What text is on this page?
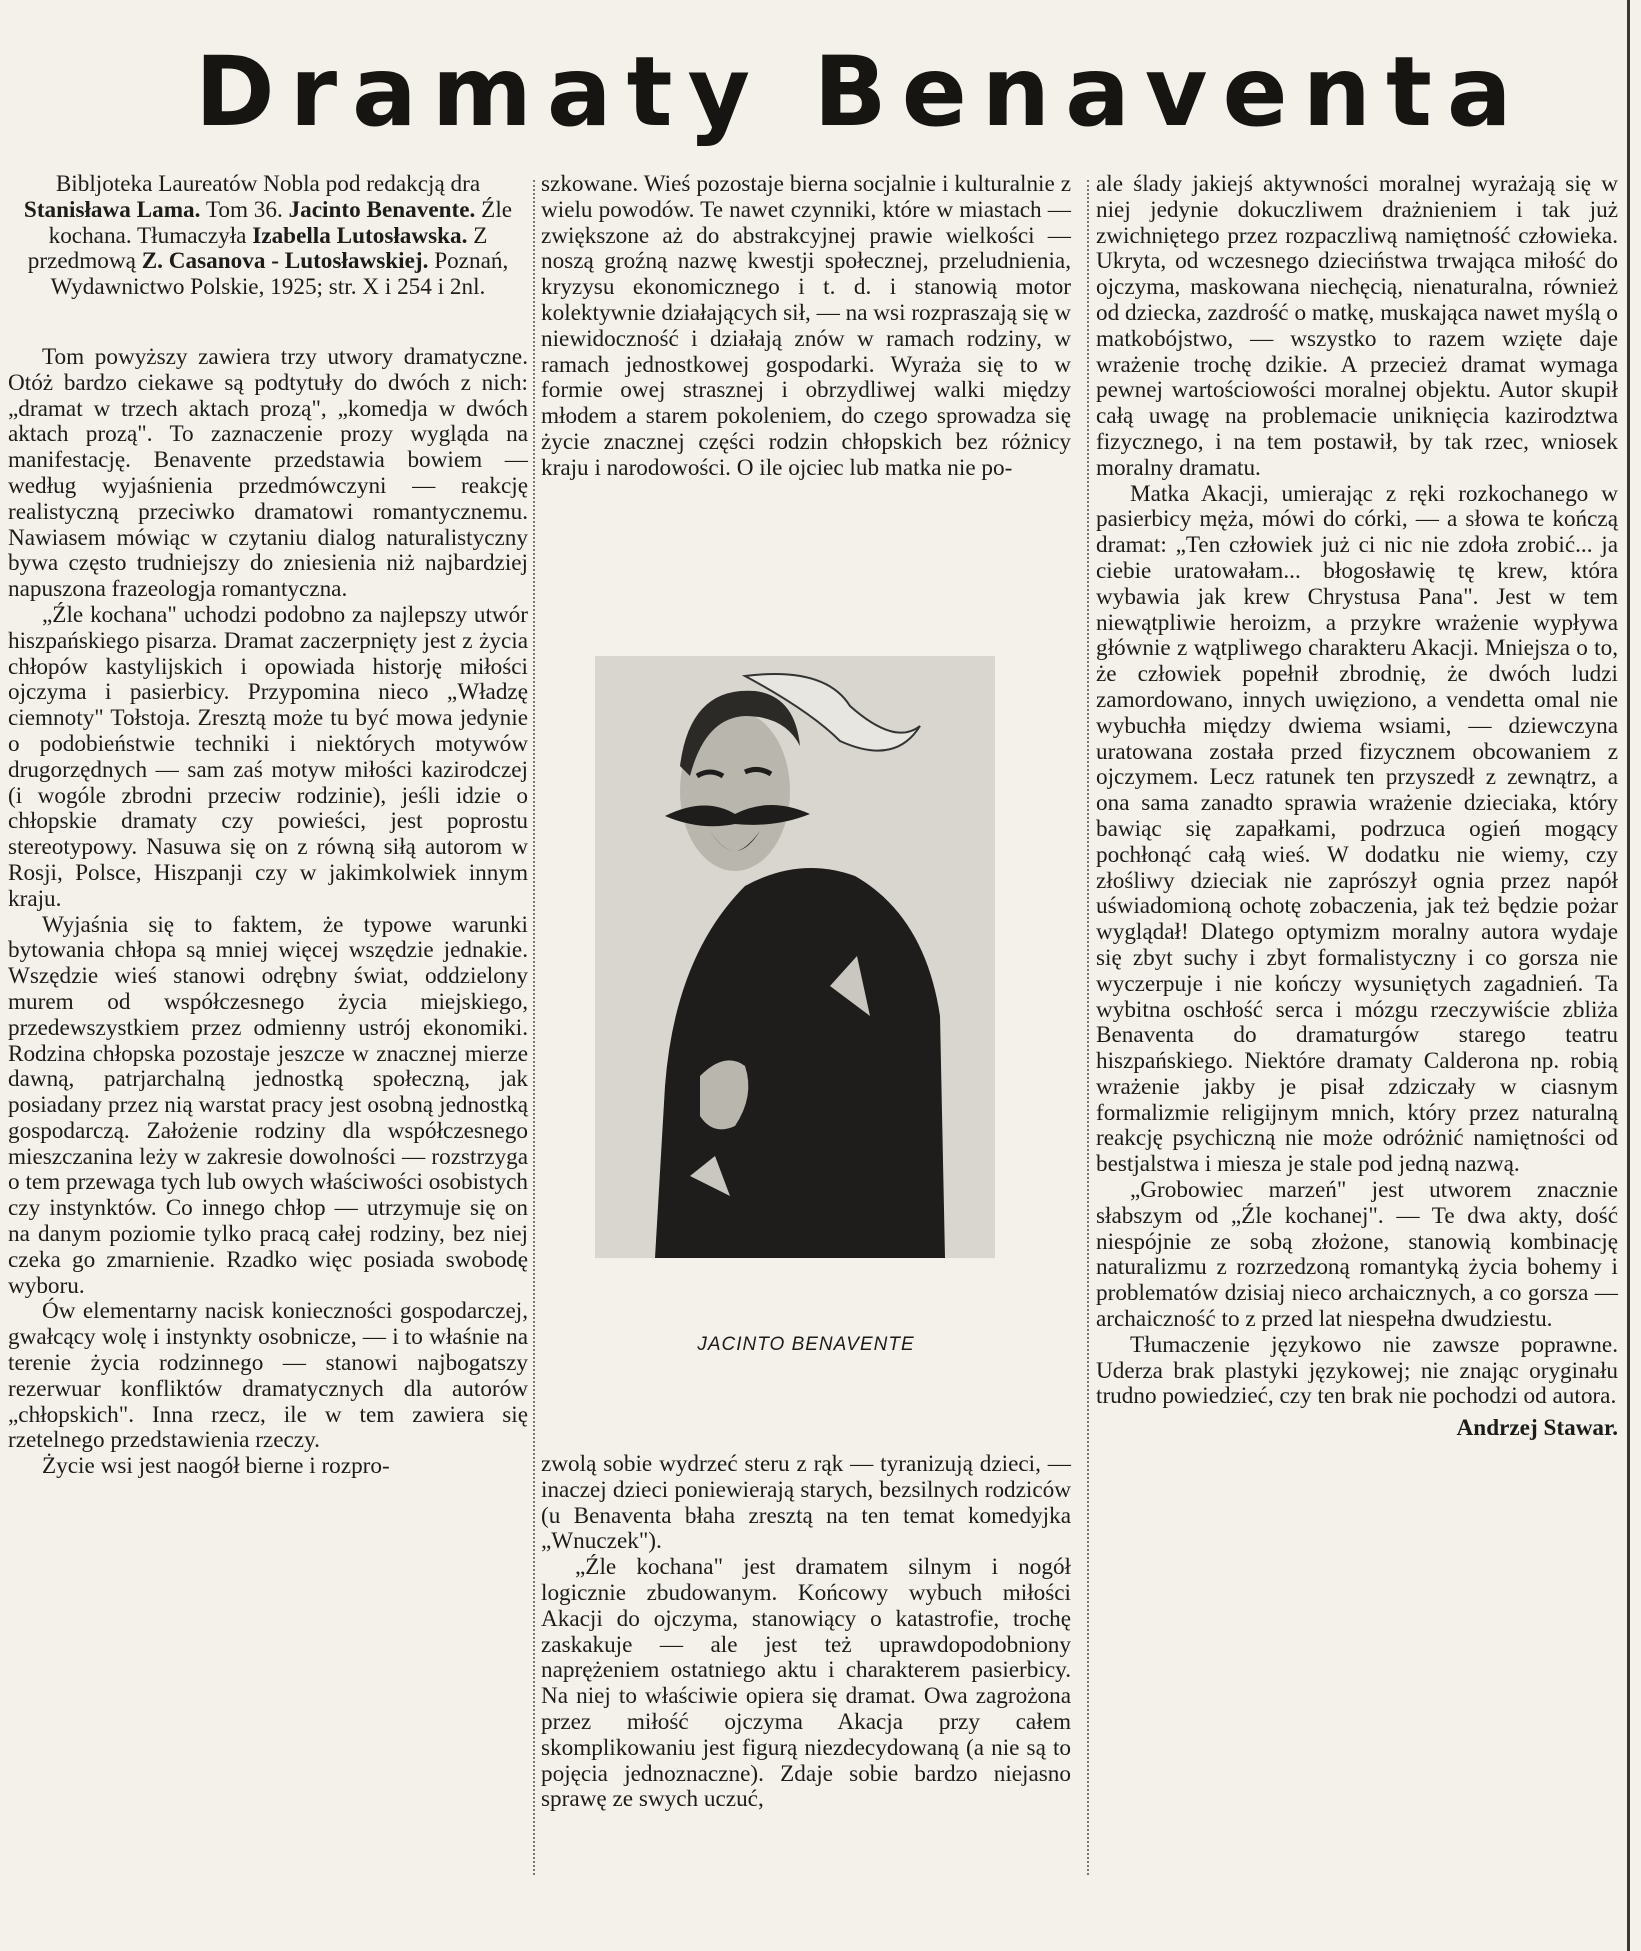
Dramaty Benaventa

Bibljoteka Laureatów Nobla pod redakcją dra Stanisława Lama. Tom 36. Jacinto Benavente. Źle kochana. Tłumaczyła Izabella Lutosławska. Z przedmową Z. Casanova - Lutosławskiej. Poznań, Wydawnictwo Polskie, 1925; str. X i 254 i 2nl.

Tom powyższy zawiera trzy utwory dramatyczne. Otóż bardzo ciekawe są podtytuły do dwóch z nich: „dramat w trzech aktach prozą", „komedja w dwóch aktach prozą". To zaznaczenie prozy wygląda na manifestację. Benavente przedstawia bowiem — według wyjaśnienia przedmówczyni — reakcję realistyczną przeciwko dramatowi romantycznemu. Nawiasem mówiąc w czytaniu dialog naturalistyczny bywa często trudniejszy do zniesienia niż najbardziej napuszona frazeologja romantyczna.

„Źle kochana" uchodzi podobno za najlepszy utwór hiszpańskiego pisarza. Dramat zaczerpnięty jest z życia chłopów kastylijskich i opowiada historję miłości ojczyma i pasierbicy. Przypomina nieco „Władzę ciemnoty" Tołstoja. Zresztą może tu być mowa jedynie o podobieństwie techniki i niektórych motywów drugorzędnych — sam zaś motyw miłości kazirodczej (i wogóle zbrodni przeciw rodzinie), jeśli idzie o chłopskie dramaty czy powieści, jest poprostu stereotypowy. Nasuwa się on z równą siłą autorom w Rosji, Polsce, Hiszpanji czy w jakimkolwiek innym kraju.

Wyjaśnia się to faktem, że typowe warunki bytowania chłopa są mniej więcej wszędzie jednakie. Wszędzie wieś stanowi odrębny świat, oddzielony murem od współczesnego życia miejskiego, przedewszystkiem przez odmienny ustrój ekonomiki. Rodzina chłopska pozostaje jeszcze w znacznej mierze dawną, patrjarchalną jednostką społeczną, jak posiadany przez nią warstat pracy jest osobną jednostką gospodarczą. Założenie rodziny dla współczesnego mieszczanina leży w zakresie dowolności — rozstrzyga o tem przewaga tych lub owych właściwości osobistych czy instynktów. Co innego chłop — utrzymuje się on na danym poziomie tylko pracą całej rodziny, bez niej czeka go zmarnienie. Rzadko więc posiada swobodę wyboru.

Ów elementarny nacisk konieczności gospodarczej, gwałcący wolę i instynkty osobnicze, — i to właśnie na terenie życia rodzinnego — stanowi najbogatszy rezerwuar konfliktów dramatycznych dla autorów „chłopskich". Inna rzecz, ile w tem zawiera się rzetelnego przedstawienia rzeczy.

Życie wsi jest naogół bierne i rozpro-

szkowane. Wieś pozostaje bierna socjalnie i kulturalnie z wielu powodów. Te nawet czynniki, które w miastach — zwiększone aż do abstrakcyjnej prawie wielkości — noszą groźną nazwę kwestji społecznej, przeludnienia, kryzysu ekonomicznego i t. d. i stanowią motor kolektywnie działających sił, — na wsi rozpraszają się w niewidoczność i działają znów w ramach rodziny, w ramach jednostkowej gospodarki. Wyraża się to w formie owej strasznej i obrzydliwej walki między młodem a starem pokoleniem, do czego sprowadza się życie znacznej części rodzin chłopskich bez różnicy kraju i narodowości. O ile ojciec lub matka nie po-

JACINTO BENAVENTE

zwolą sobie wydrzeć steru z rąk — tyranizują dzieci, — inaczej dzieci poniewierają starych, bezsilnych rodziców (u Benaventa błaha zresztą na ten temat komedyjka „Wnuczek").

„Źle kochana" jest dramatem silnym i nogół logicznie zbudowanym. Końcowy wybuch miłości Akacji do ojczyma, stanowiący o katastrofie, trochę zaskakuje — ale jest też uprawdopodobniony naprężeniem ostatniego aktu i charakterem pasierbicy. Na niej to właściwie opiera się dramat. Owa zagrożona przez miłość ojczyma Akacja przy całem skomplikowaniu jest figurą niezdecydowaną (a nie są to pojęcia jednoznaczne). Zdaje sobie bardzo niejasno sprawę ze swych uczuć,

ale ślady jakiejś aktywności moralnej wyrażają się w niej jedynie dokuczliwem drażnieniem i tak już zwichniętego przez rozpaczliwą namiętność człowieka. Ukryta, od wczesnego dzieciństwa trwająca miłość do ojczyma, maskowana niechęcią, nienaturalna, również od dziecka, zazdrość o matkę, muskająca nawet myślą o matkobójstwo, — wszystko to razem wzięte daje wrażenie trochę dzikie. A przecież dramat wymaga pewnej wartościowości moralnej objektu. Autor skupił całą uwagę na problemacie uniknięcia kazirodztwa fizycznego, i na tem postawił, by tak rzec, wniosek moralny dramatu.

Matka Akacji, umierając z ręki rozkochanego w pasierbicy męża, mówi do córki, — a słowa te kończą dramat: „Ten człowiek już ci nic nie zdoła zrobić... ja ciebie uratowałam... błogosławię tę krew, która wybawia jak krew Chrystusa Pana". Jest w tem niewątpliwie heroizm, a przykre wrażenie wypływa głównie z wątpliwego charakteru Akacji. Mniejsza o to, że człowiek popełnił zbrodnię, że dwóch ludzi zamordowano, innych uwięziono, a vendetta omal nie wybuchła między dwiema wsiami, — dziewczyna uratowana została przed fizycznem obcowaniem z ojczymem. Lecz ratunek ten przyszedł z zewnątrz, a ona sama zanadto sprawia wrażenie dzieciaka, który bawiąc się zapałkami, podrzuca ogień mogący pochłonąć całą wieś. W dodatku nie wiemy, czy złośliwy dzieciak nie zaprószył ognia przez napół uświadomioną ochotę zobaczenia, jak też będzie pożar wyglądał! Dlatego optymizm moralny autora wydaje się zbyt suchy i zbyt formalistyczny i co gorsza nie wyczerpuje i nie kończy wysuniętych zagadnień. Ta wybitna oschłość serca i mózgu rzeczywiście zbliża Benaventa do dramaturgów starego teatru hiszpańskiego. Niektóre dramaty Calderona np. robią wrażenie jakby je pisał zdziczały w ciasnym formalizmie religijnym mnich, który przez naturalną reakcję psychiczną nie może odróżnić namiętności od bestjalstwa i miesza je stale pod jedną nazwą.

„Grobowiec marzeń" jest utworem znacznie słabszym od „Źle kochanej". — Te dwa akty, dość niespójnie ze sobą złożone, stanowią kombinację naturalizmu z rozrzedzoną romantyką życia bohemy i problematów dzisiaj nieco archaicznych, a co gorsza — archaiczność to z przed lat niespełna dwudziestu.

Tłumaczenie językowo nie zawsze poprawne. Uderza brak plastyki językowej; nie znając oryginału trudno powiedzieć, czy ten brak nie pochodzi od autora.

Andrzej Stawar.
